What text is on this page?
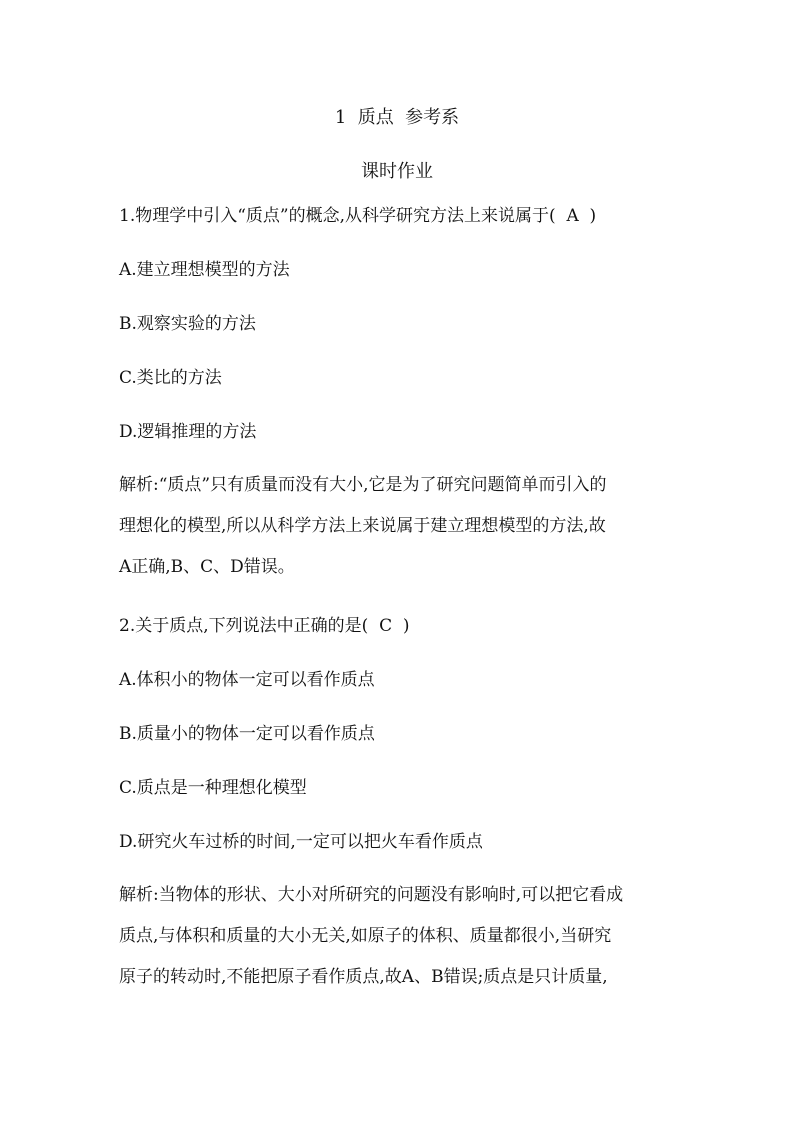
1  质点  参考系
课时作业
1.物理学中引入“质点”的概念,从科学研究方法上来说属于(  A  )
A.建立理想模型的方法
B.观察实验的方法
C.类比的方法
D.逻辑推理的方法
解析:“质点”只有质量而没有大小,它是为了研究问题简单而引入的
理想化的模型,所以从科学方法上来说属于建立理想模型的方法,故
A正确,B、C、D错误。
2.关于质点,下列说法中正确的是(  C  )
A.体积小的物体一定可以看作质点
B.质量小的物体一定可以看作质点
C.质点是一种理想化模型
D.研究火车过桥的时间,一定可以把火车看作质点
解析:当物体的形状、大小对所研究的问题没有影响时,可以把它看成
质点,与体积和质量的大小无关,如原子的体积、质量都很小,当研究
原子的转动时,不能把原子看作质点,故A、B错误;质点是只计质量,
